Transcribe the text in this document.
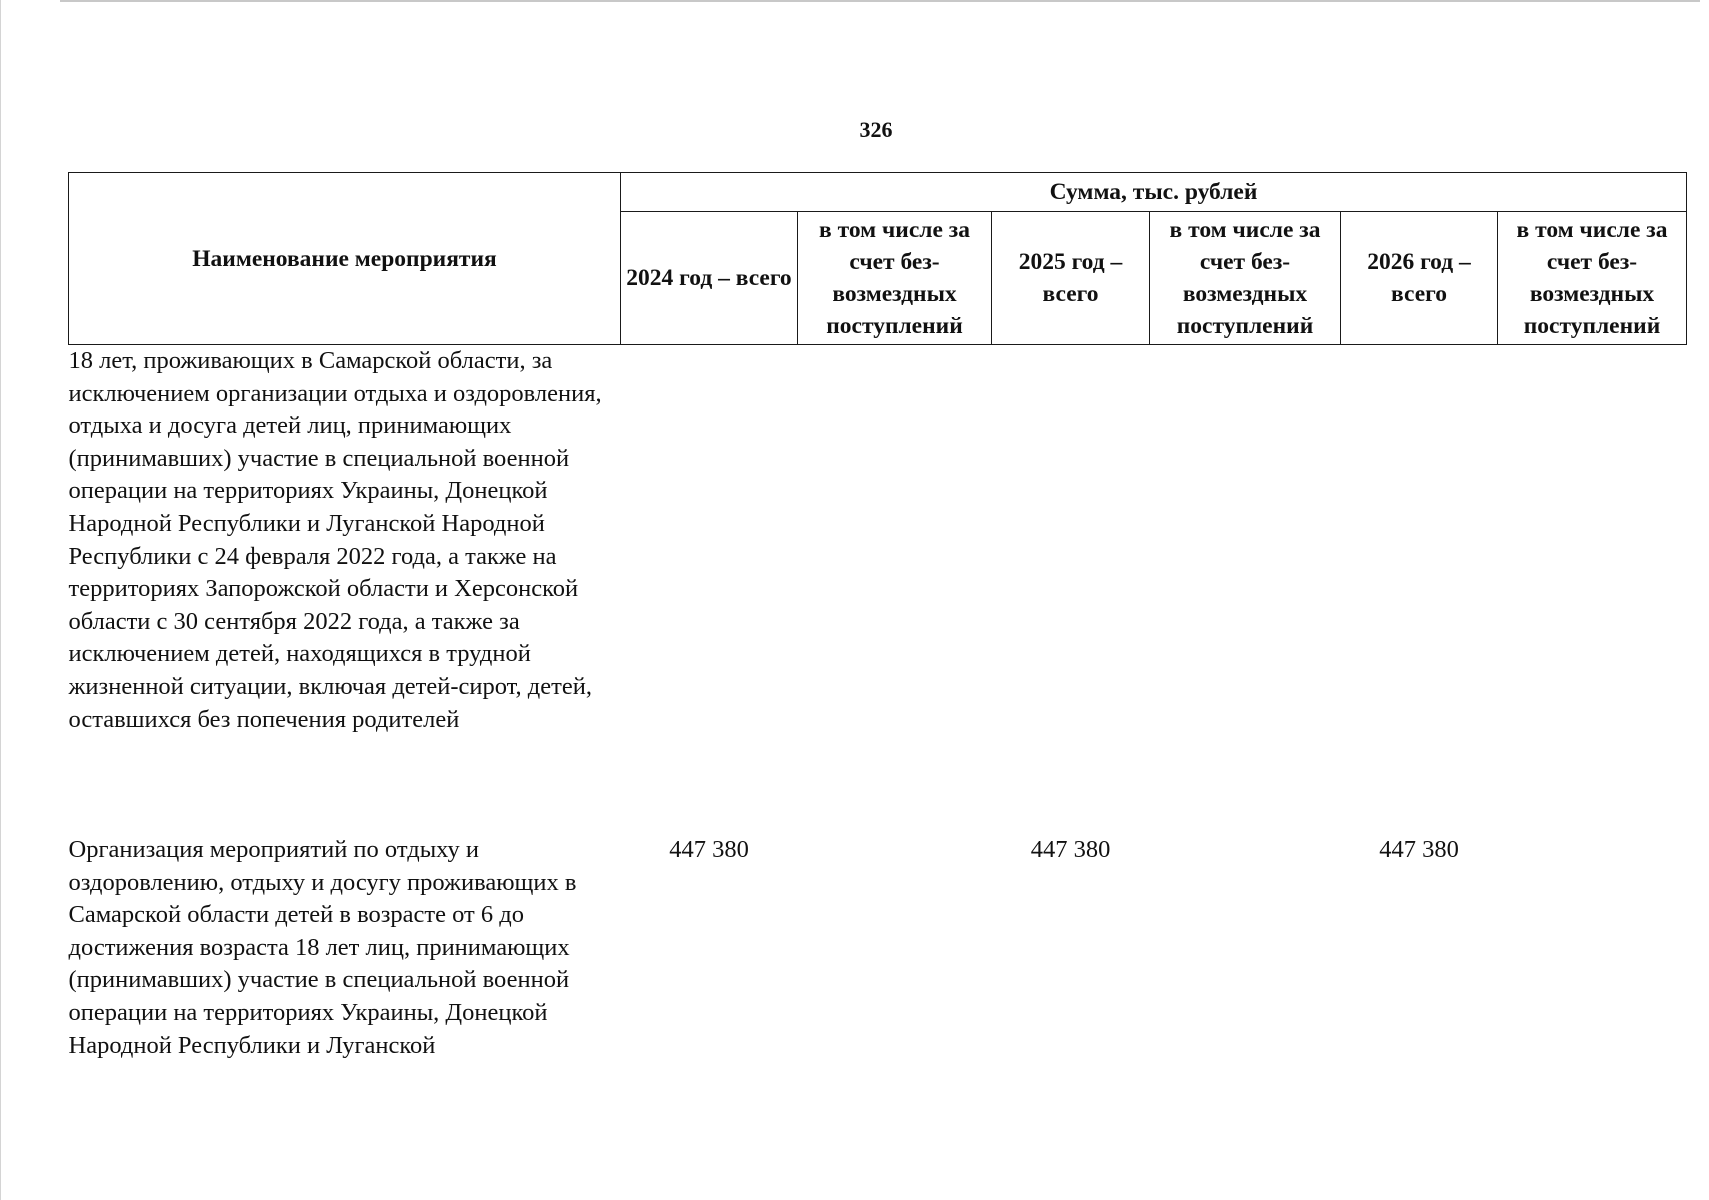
326
Наименование мероприятия	Сумма, тыс. рублей					
	2024 год – всего	в том числе за счет без-возмездных поступлений	2025 год – всего	в том числе за счет без-возмездных поступлений	2026 год – всего	в том числе за счет без-возмездных поступлений
18 лет, проживающих в Самарской области, за исключением организации отдыха и оздоровления, отдыха и досуга детей лиц, принимающих (принимавших) участие в специальной военной операции на территориях Украины, Донецкой Народной Республики и Луганской Народной Республики с 24 февраля 2022 года, а также на территориях Запорожской области и Херсонской области с 30 сентября 2022 года, а также за исключением детей, находящихся в трудной жизненной ситуации, включая детей-сирот, детей, оставшихся без попечения родителей						
Организация мероприятий по отдыху и оздоровлению, отдыху и досугу проживающих в Самарской области детей в возрасте от 6 до достижения возраста 18 лет лиц, принимающих (принимавших) участие в специальной военной операции на территориях Украины, Донецкой Народной Республики и Луганской	447 380		447 380		447 380	
